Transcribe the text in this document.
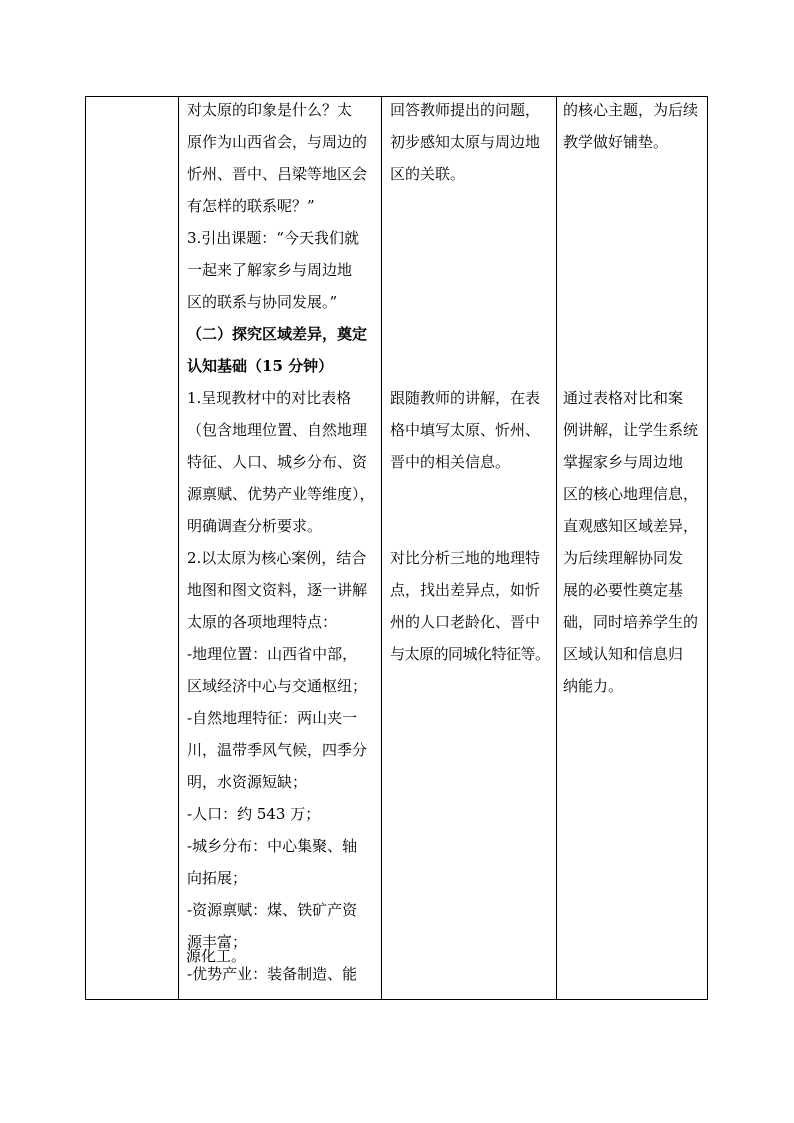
对太原的印象是什么？太
原作为山西省会，与周边的
忻州、晋中、吕梁等地区会
有怎样的联系呢？”
3.引出课题：“今天我们就
一起来了解家乡与周边地
区的联系与协同发展。”
（二）探究区域差异，奠定
认知基础（15 分钟）
1.呈现教材中的对比表格
（包含地理位置、自然地理
特征、人口、城乡分布、资
源禀赋、优势产业等维度），
明确调查分析要求。
2.以太原为核心案例，结合
地图和图文资料，逐一讲解
太原的各项地理特点：
-地理位置：山西省中部，
区域经济中心与交通枢纽；
-自然地理特征：两山夹一
川，温带季风气候，四季分
明，水资源短缺；
-人口：约 543 万；
-城乡分布：中心集聚、轴
向拓展；
-资源禀赋：煤、铁矿产资
源丰富；
-优势产业：装备制造、能
回答教师提出的问题，
初步感知太原与周边地
区的关联。
跟随教师的讲解，在表
格中填写太原、忻州、
晋中的相关信息。
对比分析三地的地理特
点，找出差异点，如忻
州的人口老龄化、晋中
与太原的同城化特征等。
的核心主题，为后续
教学做好铺垫。
通过表格对比和案
例讲解，让学生系统
掌握家乡与周边地
区的核心地理信息，
直观感知区域差异，
为后续理解协同发
展的必要性奠定基
础，同时培养学生的
区域认知和信息归
纳能力。
源化工。
